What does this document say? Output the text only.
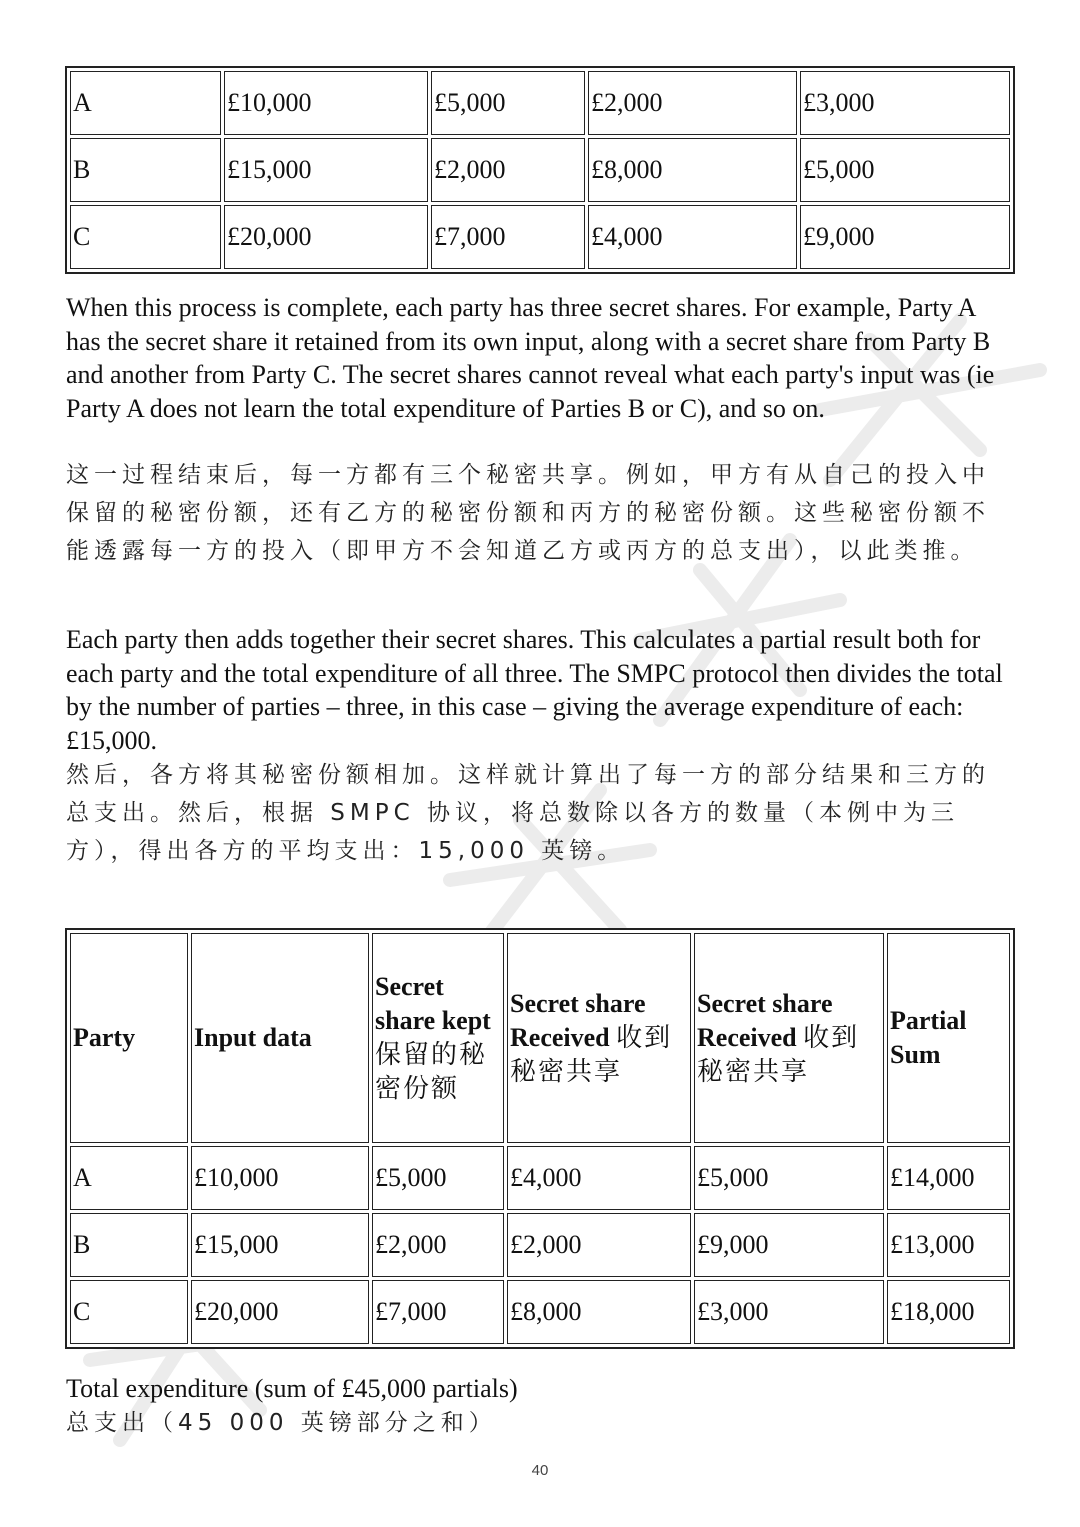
A	£10,000	£5,000	£2,000	£3,000
B	£15,000	£2,000	£8,000	£5,000
C	£20,000	£7,000	£4,000	£9,000
When this process is complete, each party has three secret shares. For example, Party A has the secret share it retained from its own input, along with a secret share from Party B and another from Party C. The secret shares cannot reveal what each party's input was (ie Party A does not learn the total expenditure of Parties B or C), and so on.
这一过程结束后，每一方都有三个秘密共享。例如，甲方有从自己的投入中保留的秘密份额，还有乙方的秘密份额和丙方的秘密份额。这些秘密份额不能透露每一方的投入（即甲方不会知道乙方或丙方的总支出），以此类推。
Each party then adds together their secret shares. This calculates a partial result both for each party and the total expenditure of all three. The SMPC protocol then divides the total by the number of parties – three, in this case – giving the average expenditure of each: £15,000.
然后，各方将其秘密份额相加。这样就计算出了每一方的部分结果和三方的总支出。然后，根据 SMPC 协议，将总数除以各方的数量（本例中为三方），得出各方的平均支出：15,000 英镑。
Party	Input data	Secret share kept 保留的秘密份额	Secret share Received 收到秘密共享	Secret share Received 收到秘密共享	Partial Sum
A	£10,000	£5,000	£4,000	£5,000	£14,000
B	£15,000	£2,000	£2,000	£9,000	£13,000
C	£20,000	£7,000	£8,000	£3,000	£18,000
Total expenditure (sum of £45,000 partials)
总支出（45 000 英镑部分之和）
40
